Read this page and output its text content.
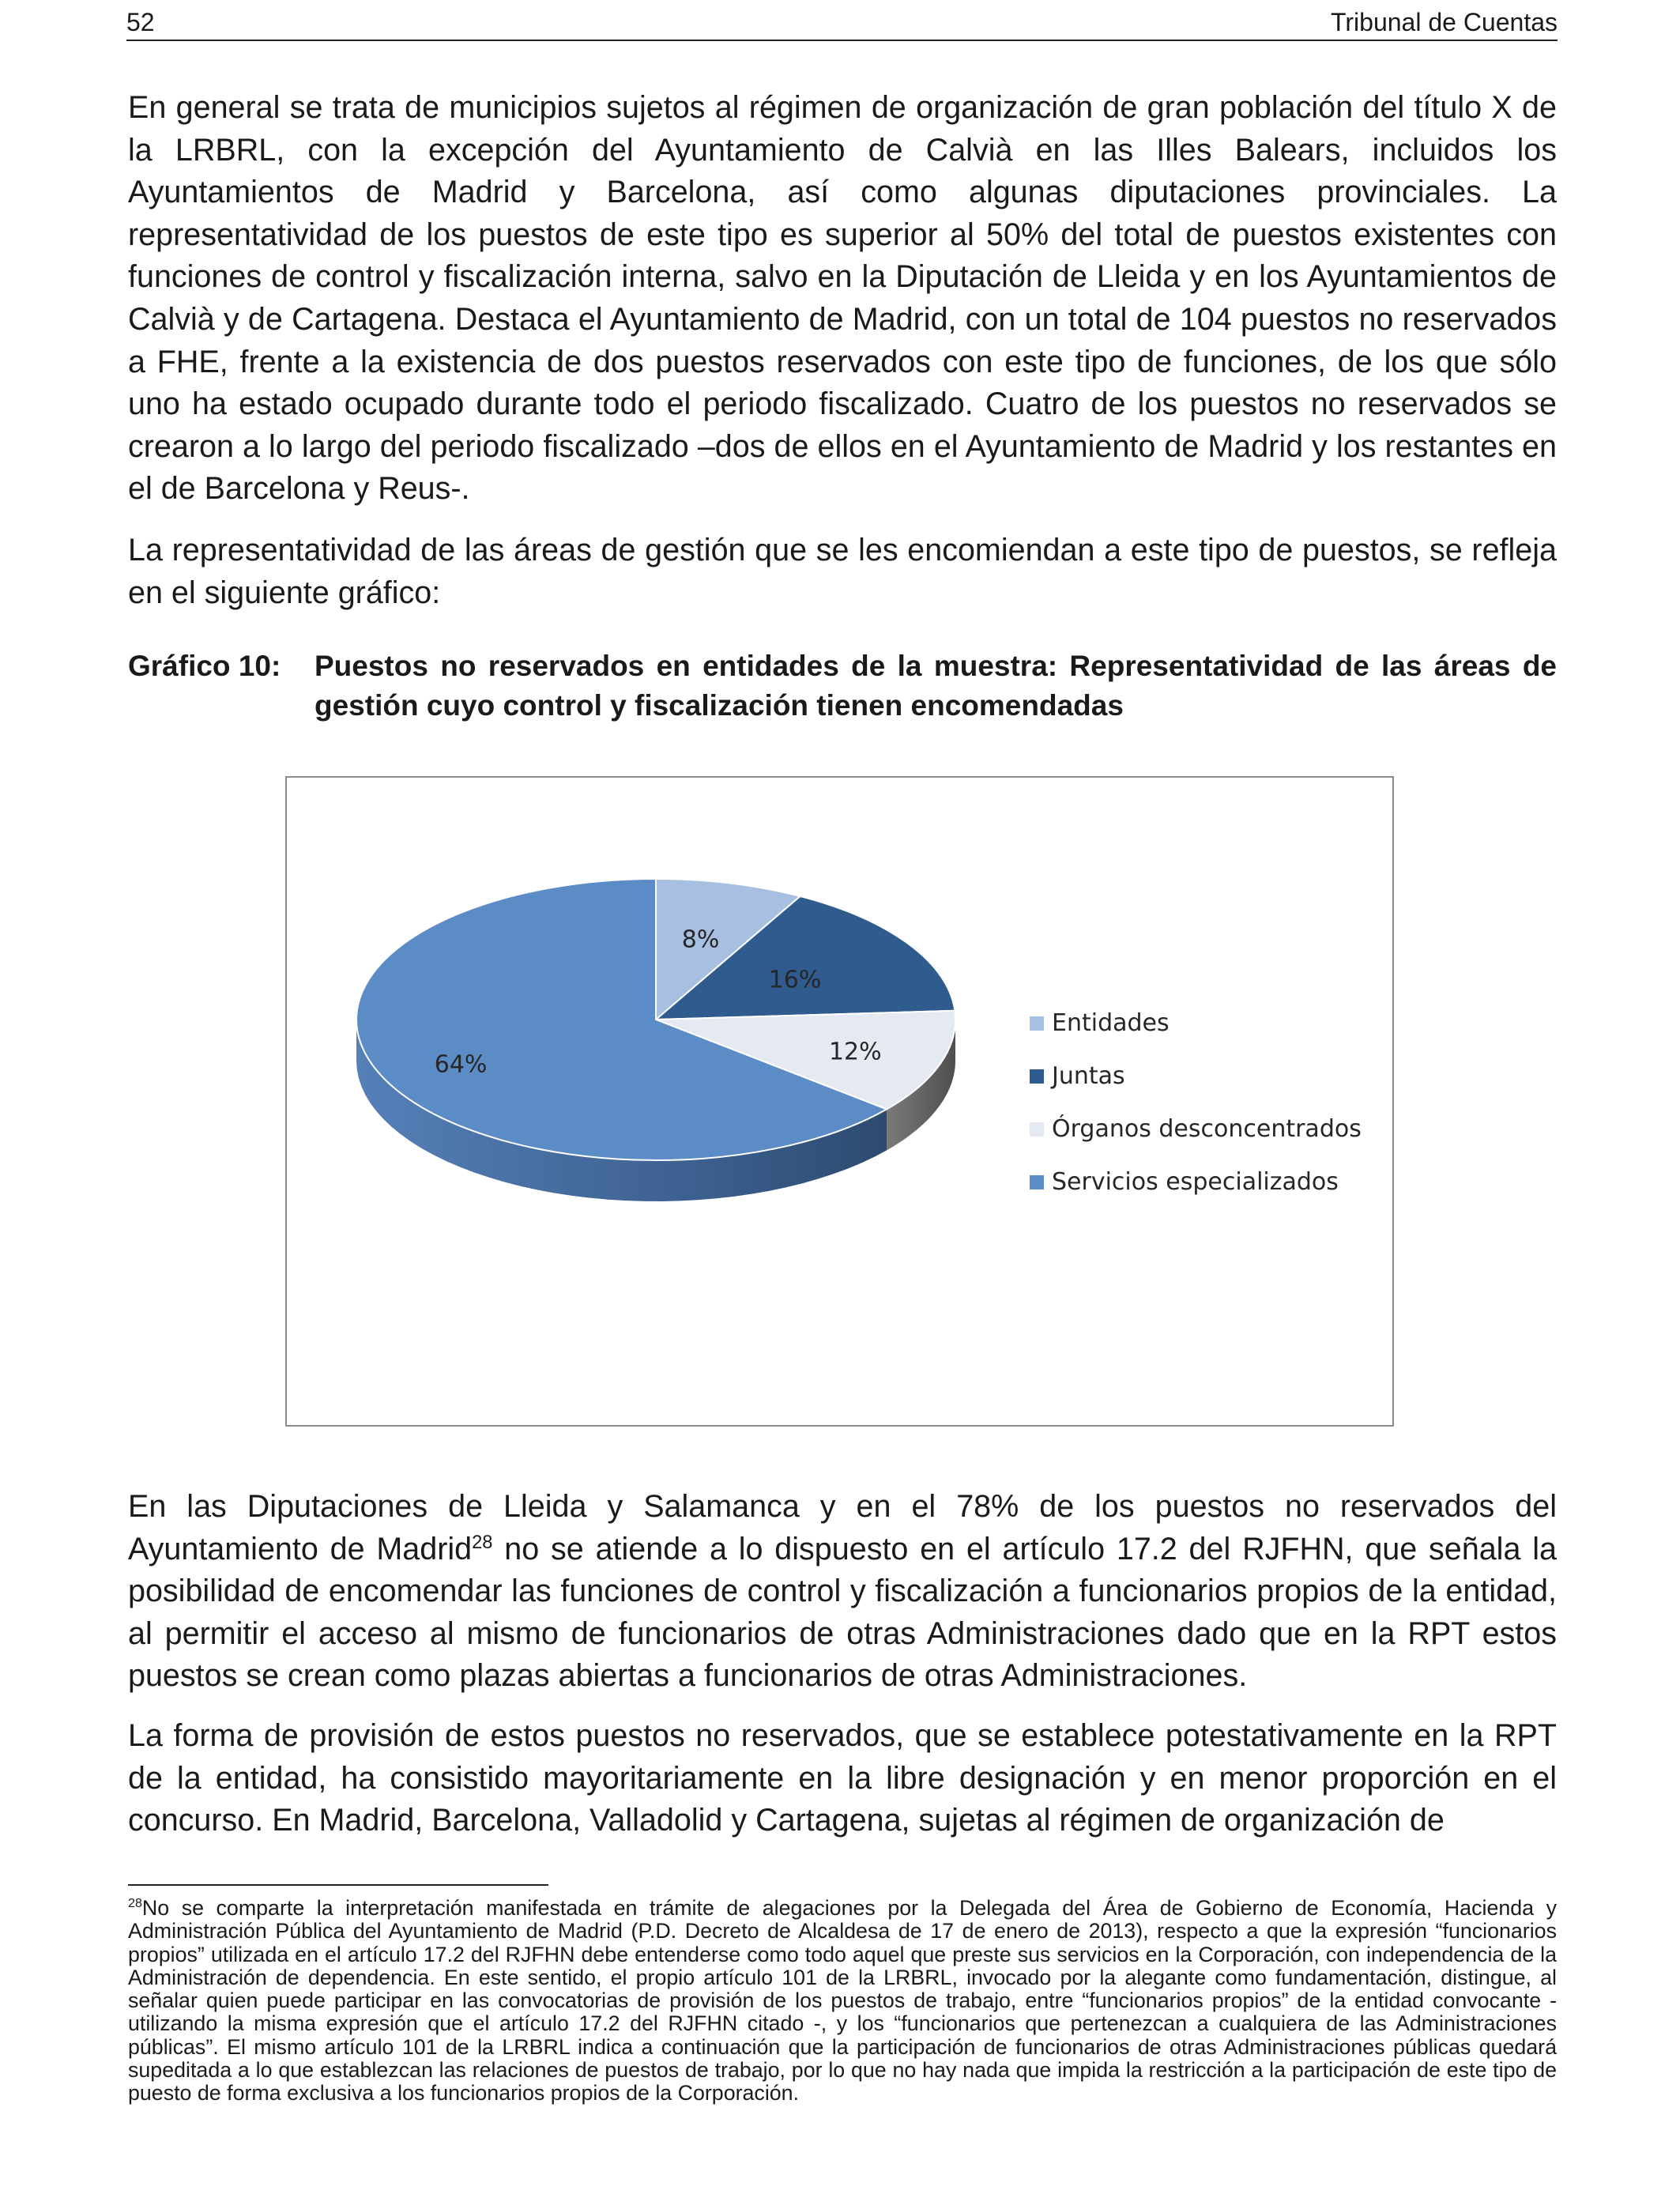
52	Tribunal de Cuentas

En general se trata de municipios sujetos al régimen de organización de gran población del título X de la LRBRL, con la excepción del Ayuntamiento de Calvià en las Illes Balears, incluidos los Ayuntamientos de Madrid y Barcelona, así como algunas diputaciones provinciales. La representatividad de los puestos de este tipo es superior al 50% del total de puestos existentes con funciones de control y fiscalización interna, salvo en la Diputación de Lleida y en los Ayuntamientos de Calvià y de Cartagena. Destaca el Ayuntamiento de Madrid, con un total de 104 puestos no reservados a FHE, frente a la existencia de dos puestos reservados con este tipo de funciones, de los que sólo uno ha estado ocupado durante todo el periodo fiscalizado. Cuatro de los puestos no reservados se crearon a lo largo del periodo fiscalizado –dos de ellos en el Ayuntamiento de Madrid y los restantes en el de Barcelona y Reus-.

La representatividad de las áreas de gestión que se les encomiendan a este tipo de puestos, se refleja en el siguiente gráfico:

Gráfico 10: Puestos no reservados en entidades de la muestra: Representatividad de las áreas de gestión cuyo control y fiscalización tienen encomendadas
8%
16%
12%
64%
Entidades
Juntas
Órganos desconcentrados
Servicios especializados

En las Diputaciones de Lleida y Salamanca y en el 78% de los puestos no reservados del Ayuntamiento de Madrid$^{28}$ no se atiende a lo dispuesto en el artículo 17.2 del RJFHN, que señala la posibilidad de encomendar las funciones de control y fiscalización a funcionarios propios de la entidad, al permitir el acceso al mismo de funcionarios de otras Administraciones dado que en la RPT estos puestos se crean como plazas abiertas a funcionarios de otras Administraciones.

La forma de provisión de estos puestos no reservados, que se establece potestativamente en la RPT de la entidad, ha consistido mayoritariamente en la libre designación y en menor proporción en el concurso. En Madrid, Barcelona, Valladolid y Cartagena, sujetas al régimen de organización de

$^{28}$No se comparte la interpretación manifestada en trámite de alegaciones por la Delegada del Área de Gobierno de Economía, Hacienda y Administración Pública del Ayuntamiento de Madrid (P.D. Decreto de Alcaldesa de 17 de enero de 2013), respecto a que la expresión “funcionarios propios” utilizada en el artículo 17.2 del RJFHN debe entenderse como todo aquel que preste sus servicios en la Corporación, con independencia de la Administración de dependencia. En este sentido, el propio artículo 101 de la LRBRL, invocado por la alegante como fundamentación, distingue, al señalar quien puede participar en las convocatorias de provisión de los puestos de trabajo, entre “funcionarios propios” de la entidad convocante -utilizando la misma expresión que el artículo 17.2 del RJFHN citado -, y los “funcionarios que pertenezcan a cualquiera de las Administraciones públicas”. El mismo artículo 101 de la LRBRL indica a continuación que la participación de funcionarios de otras Administraciones públicas quedará supeditada a lo que establezcan las relaciones de puestos de trabajo, por lo que no hay nada que impida la restricción a la participación de este tipo de puesto de forma exclusiva a los funcionarios propios de la Corporación.
